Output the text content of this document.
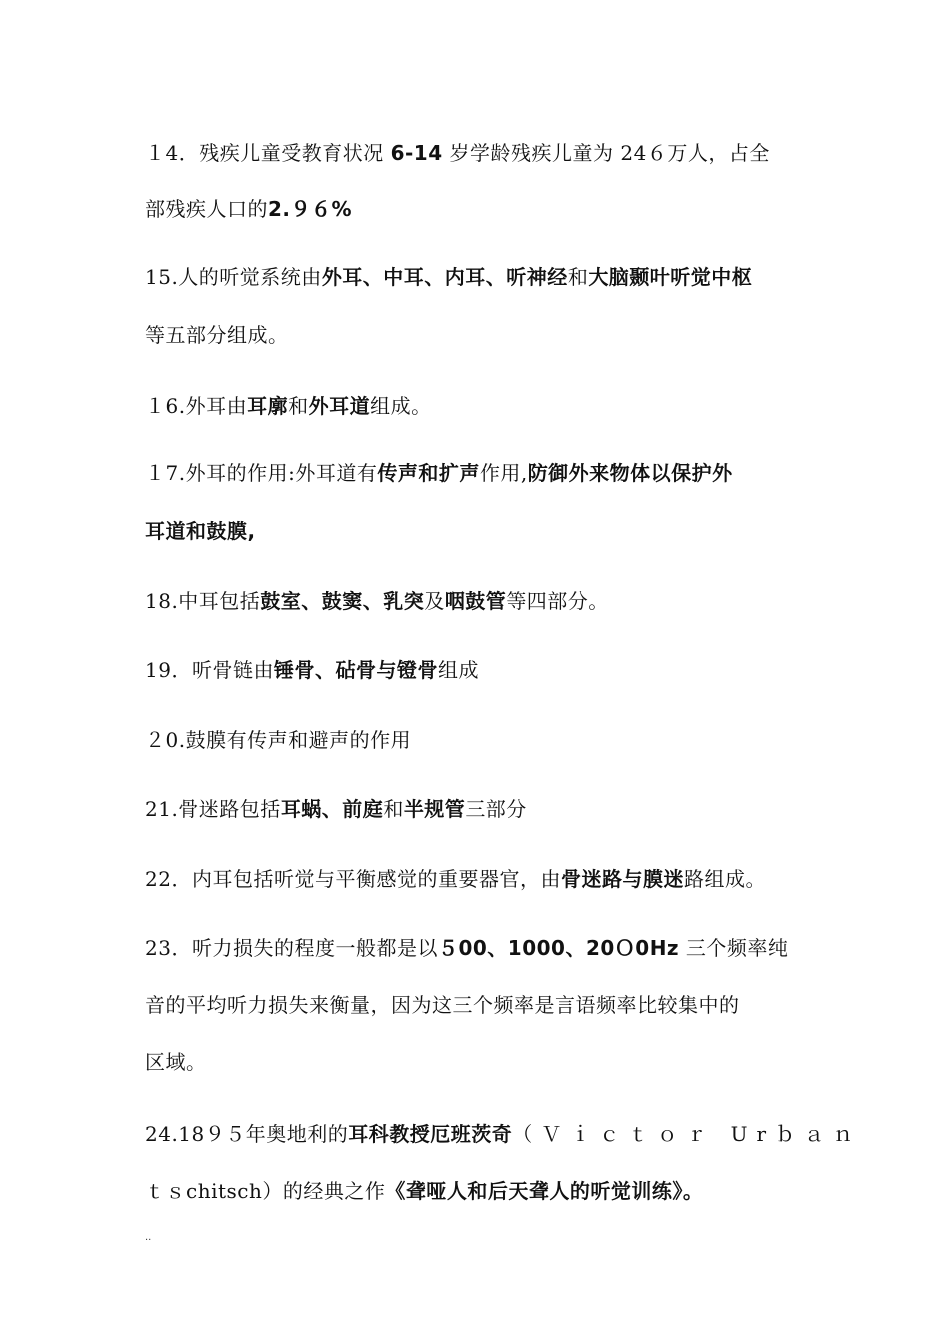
１4．残疾儿童受教育状况 6-14 岁学龄残疾儿童为 24６万人，占全
部残疾人口的2.９６%
15.人的听觉系统由外耳、中耳、内耳、听神经和大脑颞叶听觉中枢
等五部分组成。
１6.外耳由耳廓和外耳道组成。
１7.外耳的作用:外耳道有传声和扩声作用,防御外来物体以保护外
耳道和鼓膜,
18.中耳包括鼓室、鼓窦、乳突及咽鼓管等四部分。
19．听骨链由锤骨、砧骨与镫骨组成
２0.鼓膜有传声和避声的作用
21.骨迷路包括耳蜗、前庭和半规管三部分
22．内耳包括听觉与平衡感觉的重要器官，由骨迷路与膜迷路组成。
23．听力损失的程度一般都是以５00、1000、20Ｏ0Hz 三个频率纯
音的平均听力损失来衡量，因为这三个频率是言语频率比较集中的
区域。
24.18９５年奥地利的耳科教授厄班茨奇（Ｖｉｃｔｏｒ Urｂａｎ
ｔｓchitsch）的经典之作《聋哑人和后天聋人的听觉训练》。
..
